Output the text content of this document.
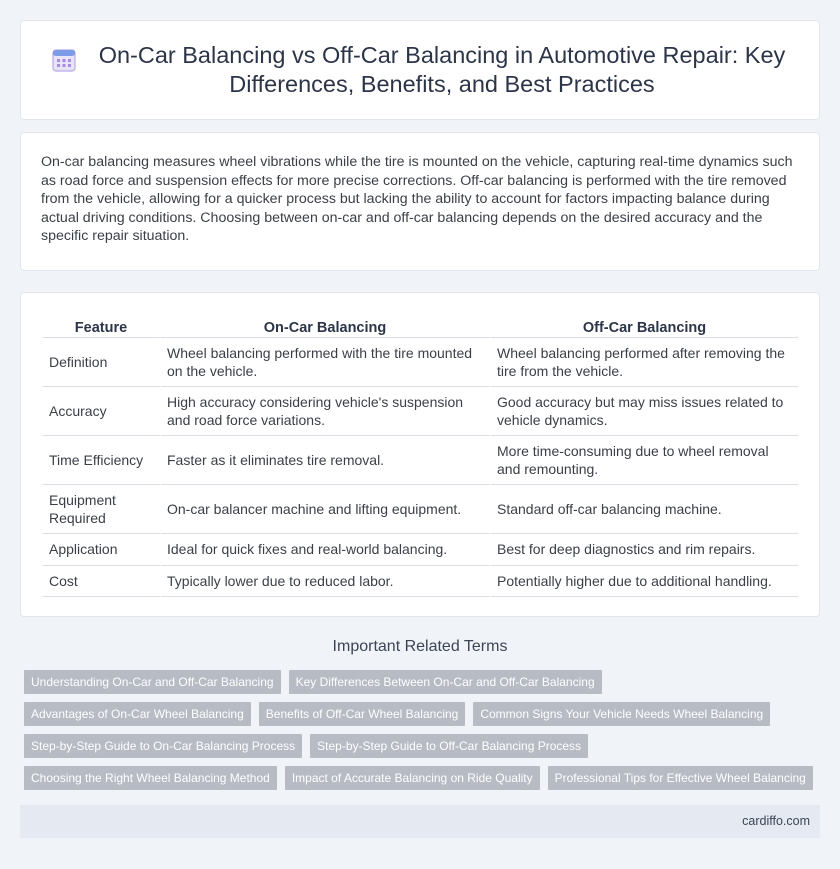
On-Car Balancing vs Off-Car Balancing in Automotive Repair: Key Differences, Benefits, and Best Practices

On-car balancing measures wheel vibrations while the tire is mounted on the vehicle, capturing real-time dynamics such as road force and suspension effects for more precise corrections. Off-car balancing is performed with the tire removed from the vehicle, allowing for a quicker process but lacking the ability to account for factors impacting balance during actual driving conditions. Choosing between on-car and off-car balancing depends on the desired accuracy and the specific repair situation.

Feature	On-Car Balancing	Off-Car Balancing
Definition	Wheel balancing performed with the tire mounted on the vehicle.	Wheel balancing performed after removing the tire from the vehicle.
Accuracy	High accuracy considering vehicle's suspension and road force variations.	Good accuracy but may miss issues related to vehicle dynamics.
Time Efficiency	Faster as it eliminates tire removal.	More time-consuming due to wheel removal and remounting.
Equipment Required	On-car balancer machine and lifting equipment.	Standard off-car balancing machine.
Application	Ideal for quick fixes and real-world balancing.	Best for deep diagnostics and rim repairs.
Cost	Typically lower due to reduced labor.	Potentially higher due to additional handling.
Important Related Terms
Understanding On-Car and Off-Car Balancing	Key Differences Between On-Car and Off-Car Balancing
Advantages of On-Car Wheel Balancing	Benefits of Off-Car Wheel Balancing	Common Signs Your Vehicle Needs Wheel Balancing
Step-by-Step Guide to On-Car Balancing Process	Step-by-Step Guide to Off-Car Balancing Process
Choosing the Right Wheel Balancing Method	Impact of Accurate Balancing on Ride Quality	Professional Tips for Effective Wheel Balancing
cardiffo.com
